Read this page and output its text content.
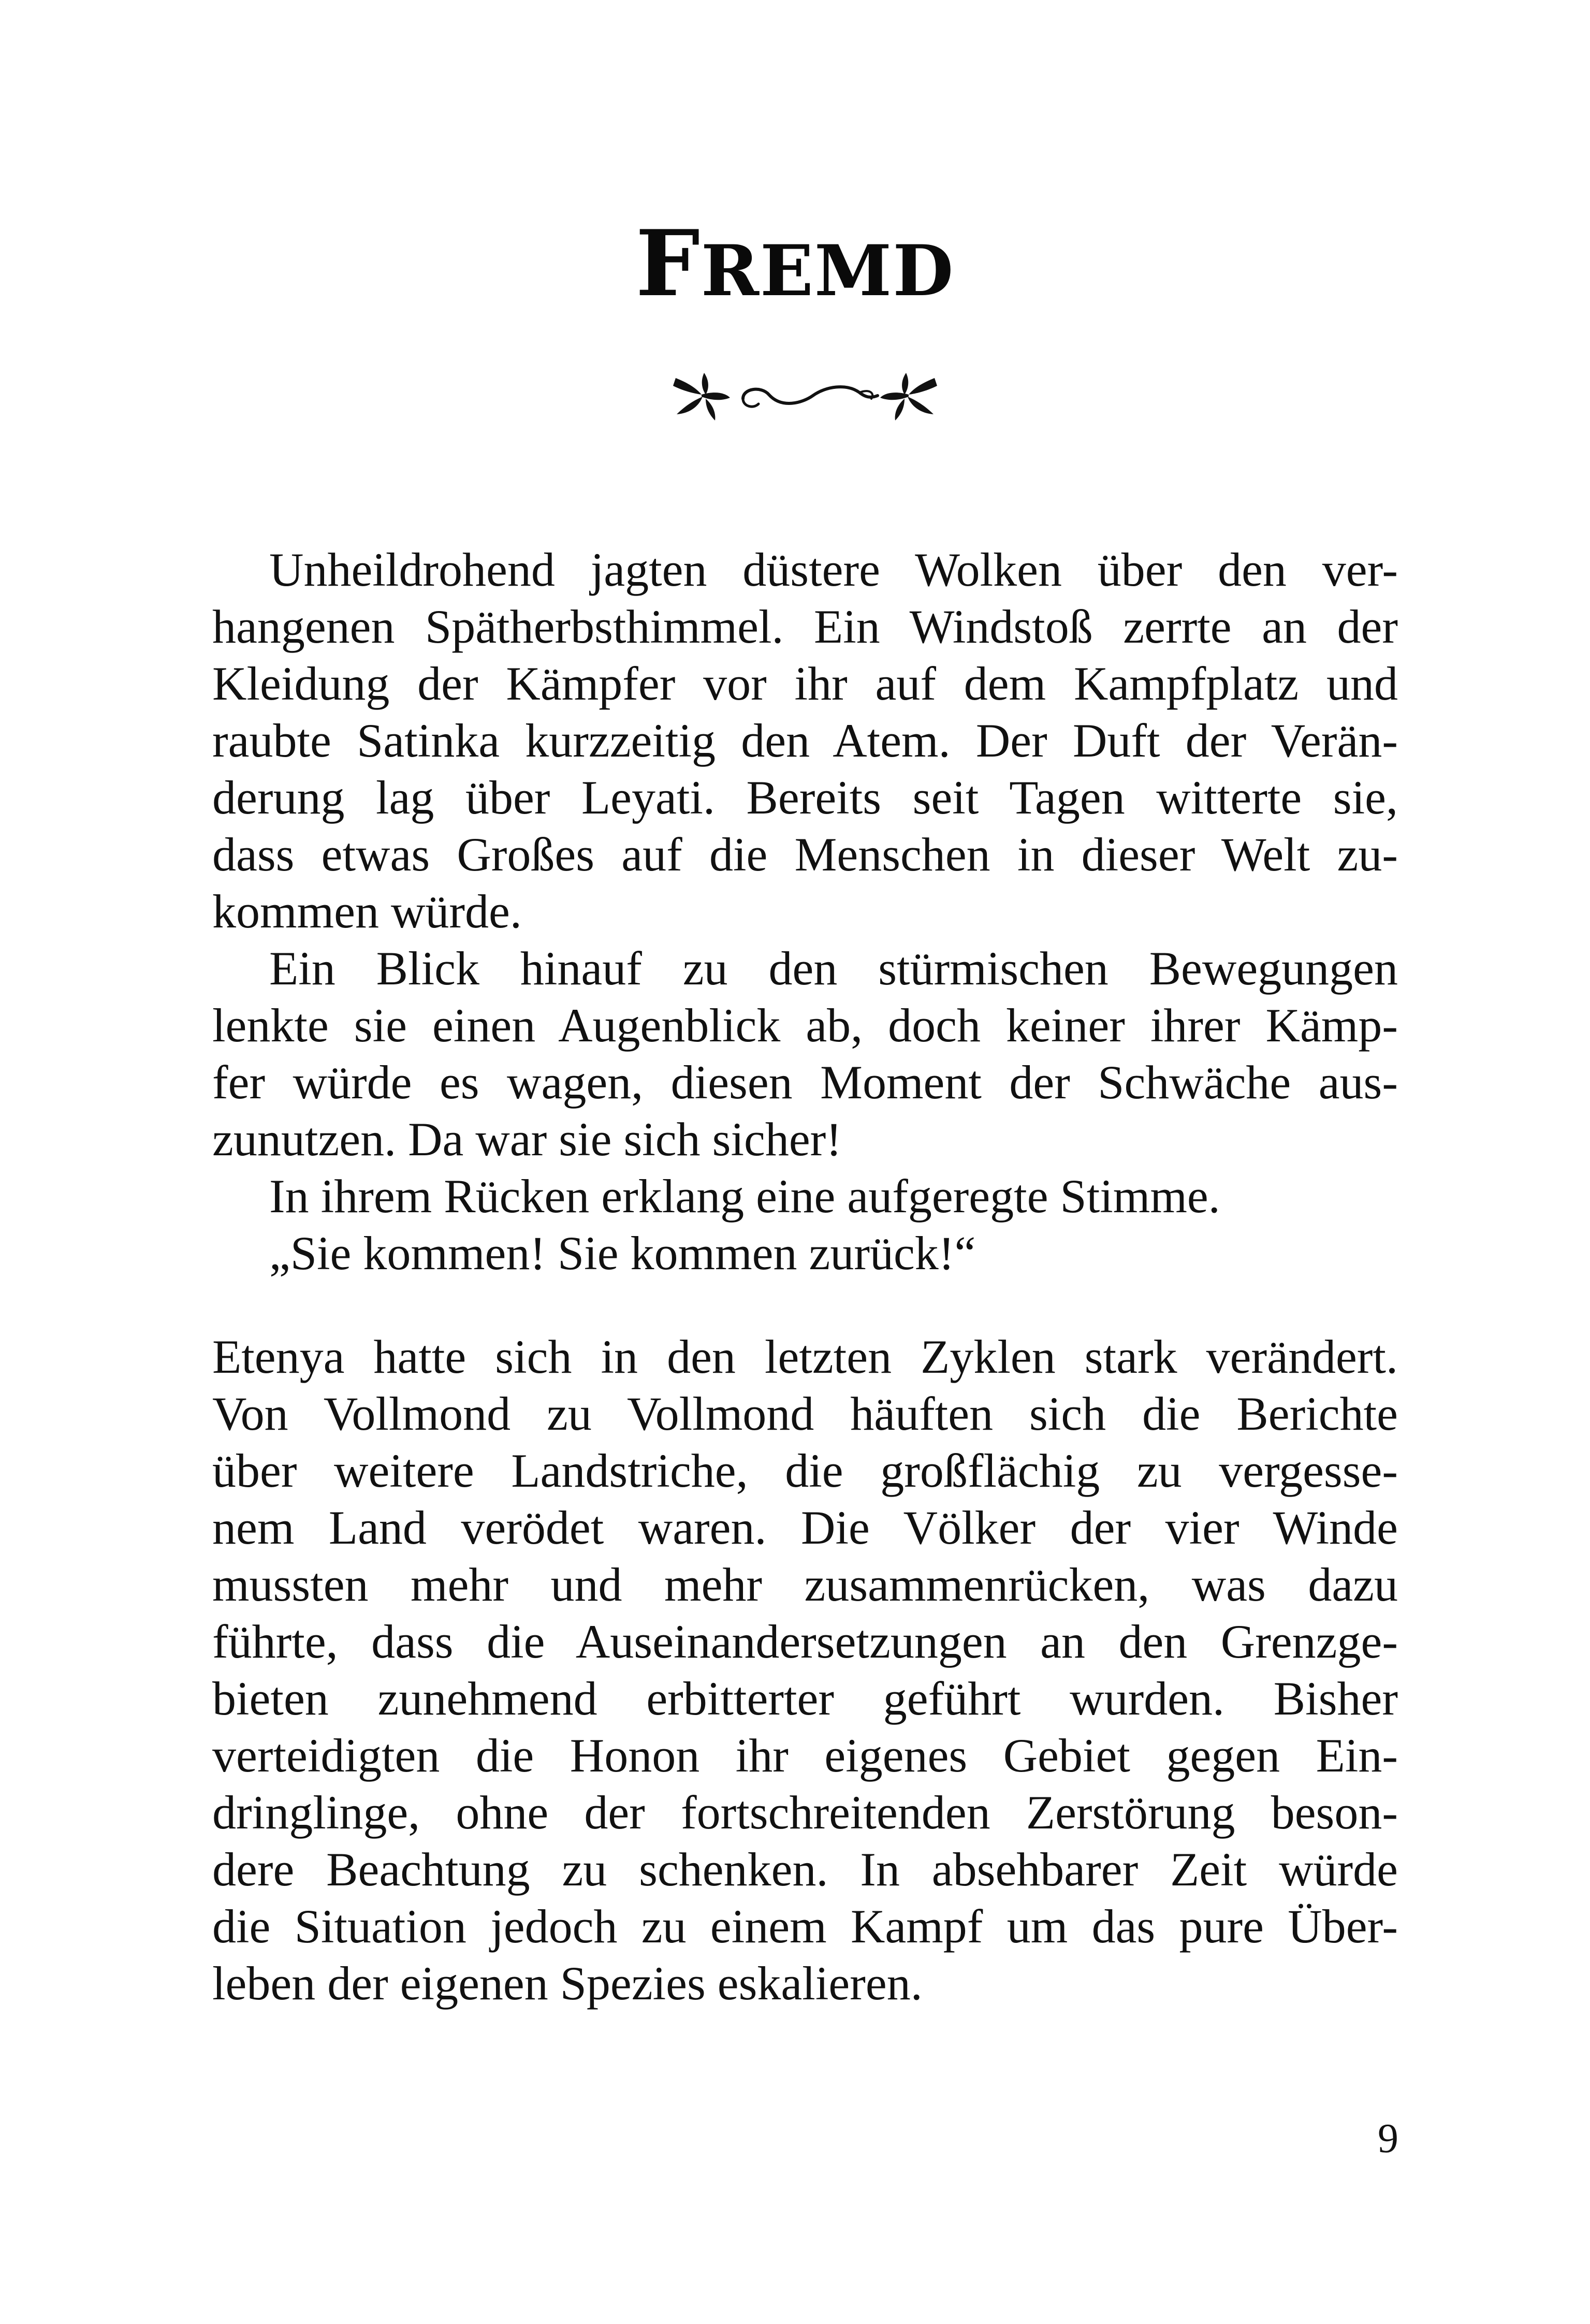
FREMD
Unheildrohend jagten düstere Wolken über den ver-
hangenen Spätherbsthimmel. Ein Windstoß zerrte an der
Kleidung der Kämpfer vor ihr auf dem Kampfplatz und
raubte Satinka kurzzeitig den Atem. Der Duft der Verän-
derung lag über Leyati. Bereits seit Tagen witterte sie,
dass etwas Großes auf die Menschen in dieser Welt zu-
kommen würde.
Ein Blick hinauf zu den stürmischen Bewegungen
lenkte sie einen Augenblick ab, doch keiner ihrer Kämp-
fer würde es wagen, diesen Moment der Schwäche aus-
zunutzen. Da war sie sich sicher!
In ihrem Rücken erklang eine aufgeregte Stimme.
„Sie kommen! Sie kommen zurück!“
Etenya hatte sich in den letzten Zyklen stark verändert.
Von Vollmond zu Vollmond häuften sich die Berichte
über weitere Landstriche, die großflächig zu vergesse-
nem Land verödet waren. Die Völker der vier Winde
mussten mehr und mehr zusammenrücken, was dazu
führte, dass die Auseinandersetzungen an den Grenzge-
bieten zunehmend erbitterter geführt wurden. Bisher
verteidigten die Honon ihr eigenes Gebiet gegen Ein-
dringlinge, ohne der fortschreitenden Zerstörung beson-
dere Beachtung zu schenken. In absehbarer Zeit würde
die Situation jedoch zu einem Kampf um das pure Über-
leben der eigenen Spezies eskalieren.
9
